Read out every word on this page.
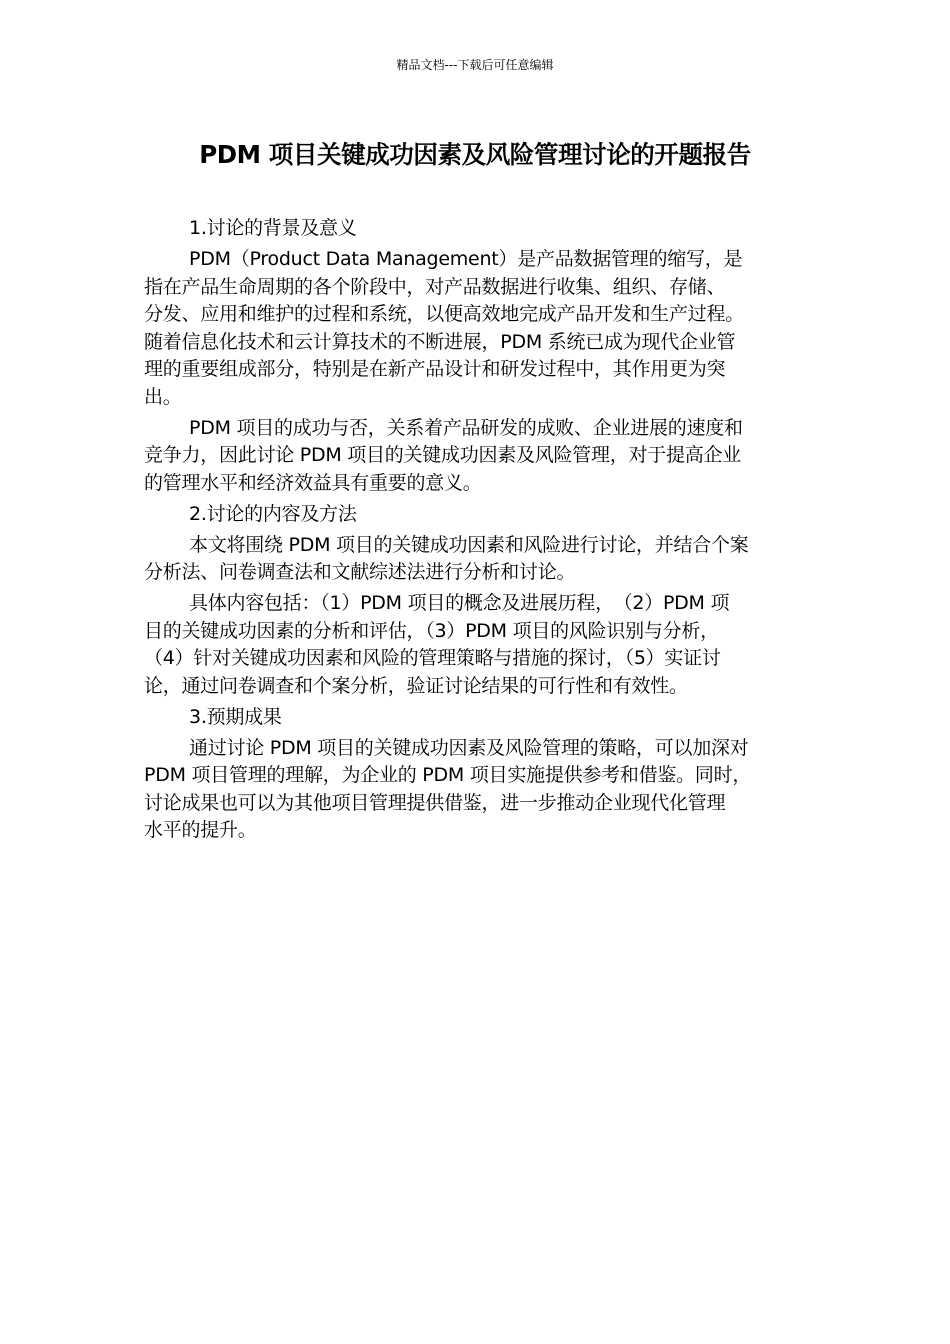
精品文档---下载后可任意编辑
PDM 项目关键成功因素及风险管理讨论的开题报告
1.讨论的背景及意义
PDM（Product Data Management）是产品数据管理的缩写，是
指在产品生命周期的各个阶段中，对产品数据进行收集、组织、存储、
分发、应用和维护的过程和系统，以便高效地完成产品开发和生产过程。
随着信息化技术和云计算技术的不断进展，PDM 系统已成为现代企业管
理的重要组成部分，特别是在新产品设计和研发过程中，其作用更为突
出。
PDM 项目的成功与否，关系着产品研发的成败、企业进展的速度和
竞争力，因此讨论 PDM 项目的关键成功因素及风险管理，对于提高企业
的管理水平和经济效益具有重要的意义。
2.讨论的内容及方法
本文将围绕 PDM 项目的关键成功因素和风险进行讨论，并结合个案
分析法、问卷调查法和文献综述法进行分析和讨论。
具体内容包括：（1）PDM 项目的概念及进展历程，　（2）PDM 项
目的关键成功因素的分析和评估，（3）PDM 项目的风险识别与分析，
（4）针对关键成功因素和风险的管理策略与措施的探讨，（5）实证讨
论，通过问卷调查和个案分析，验证讨论结果的可行性和有效性。
3.预期成果
通过讨论 PDM 项目的关键成功因素及风险管理的策略，可以加深对
PDM 项目管理的理解，为企业的 PDM 项目实施提供参考和借鉴。同时，
讨论成果也可以为其他项目管理提供借鉴，进一步推动企业现代化管理
水平的提升。
